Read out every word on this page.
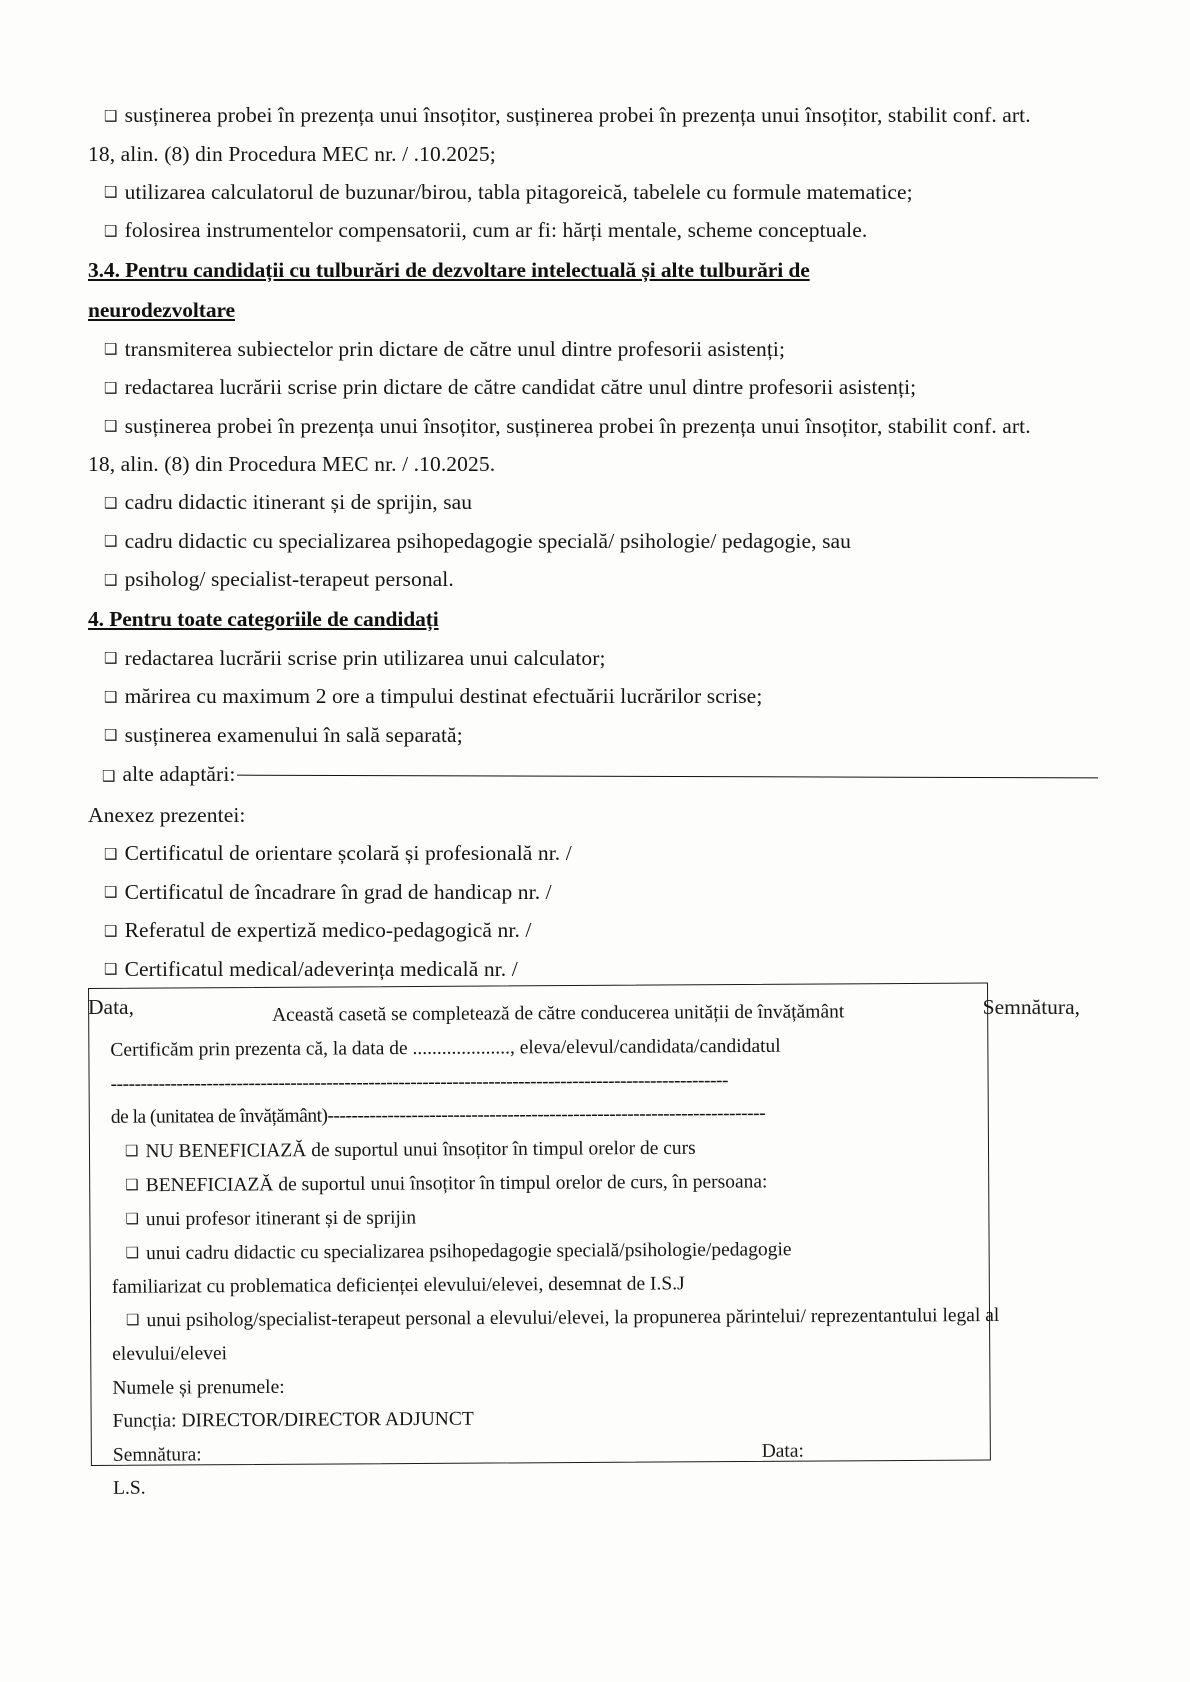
❑ susținerea probei în prezența unui însoțitor, susținerea probei în prezența unui însoțitor, stabilit conf. art.
18, alin. (8) din Procedura MEC nr. / .10.2025;
❑ utilizarea calculatorul de buzunar/birou, tabla pitagoreică, tabelele cu formule matematice;
❑ folosirea instrumentelor compensatorii, cum ar fi: hărți mentale, scheme conceptuale.
3.4. Pentru candidații cu tulburări de dezvoltare intelectuală și alte tulburări de
neurodezvoltare
❑ transmiterea subiectelor prin dictare de către unul dintre profesorii asistenți;
❑ redactarea lucrării scrise prin dictare de către candidat către unul dintre profesorii asistenți;
❑ susținerea probei în prezența unui însoțitor, susținerea probei în prezența unui însoțitor, stabilit conf. art.
18, alin. (8) din Procedura MEC nr. / .10.2025.
❑ cadru didactic itinerant și de sprijin, sau
❑ cadru didactic cu specializarea psihopedagogie specială/ psihologie/ pedagogie, sau
❑ psiholog/ specialist-terapeut personal.
4. Pentru toate categoriile de candidați
❑ redactarea lucrării scrise prin utilizarea unui calculator;
❑ mărirea cu maximum 2 ore a timpului destinat efectuării lucrărilor scrise;
❑ susținerea examenului în sală separată;
❑ alte adaptări:
Anexez prezentei:
❑ Certificatul de orientare școlară și profesională nr. /
❑ Certificatul de încadrare în grad de handicap nr. /
❑ Referatul de expertiză medico-pedagogică nr. /
❑ Certificatul medical/adeverința medicală nr. /
Data,	Semnătura,
Această casetă se completează de către conducerea unității de învățământ
Certificăm prin prezenta că, la data de ...................., eleva/elevul/candidata/candidatul
-------------------------------------------------------------------------------------------------------
de la (unitatea de învățământ)-------------------------------------------------------------------------
❑ NU BENEFICIAZĂ de suportul unui însoțitor în timpul orelor de curs
❑ BENEFICIAZĂ de suportul unui însoțitor în timpul orelor de curs, în persoana:
❑ unui profesor itinerant și de sprijin
❑ unui cadru didactic cu specializarea psihopedagogie specială/psihologie/pedagogie
familiarizat cu problematica deficienței elevului/elevei, desemnat de I.S.J
❑ unui psiholog/specialist-terapeut personal a elevului/elevei, la propunerea părintelui/ reprezentantului legal al
elevului/elevei
Numele și prenumele:
Funcția: DIRECTOR/DIRECTOR ADJUNCT
Semnătura:	Data:
L.S.
